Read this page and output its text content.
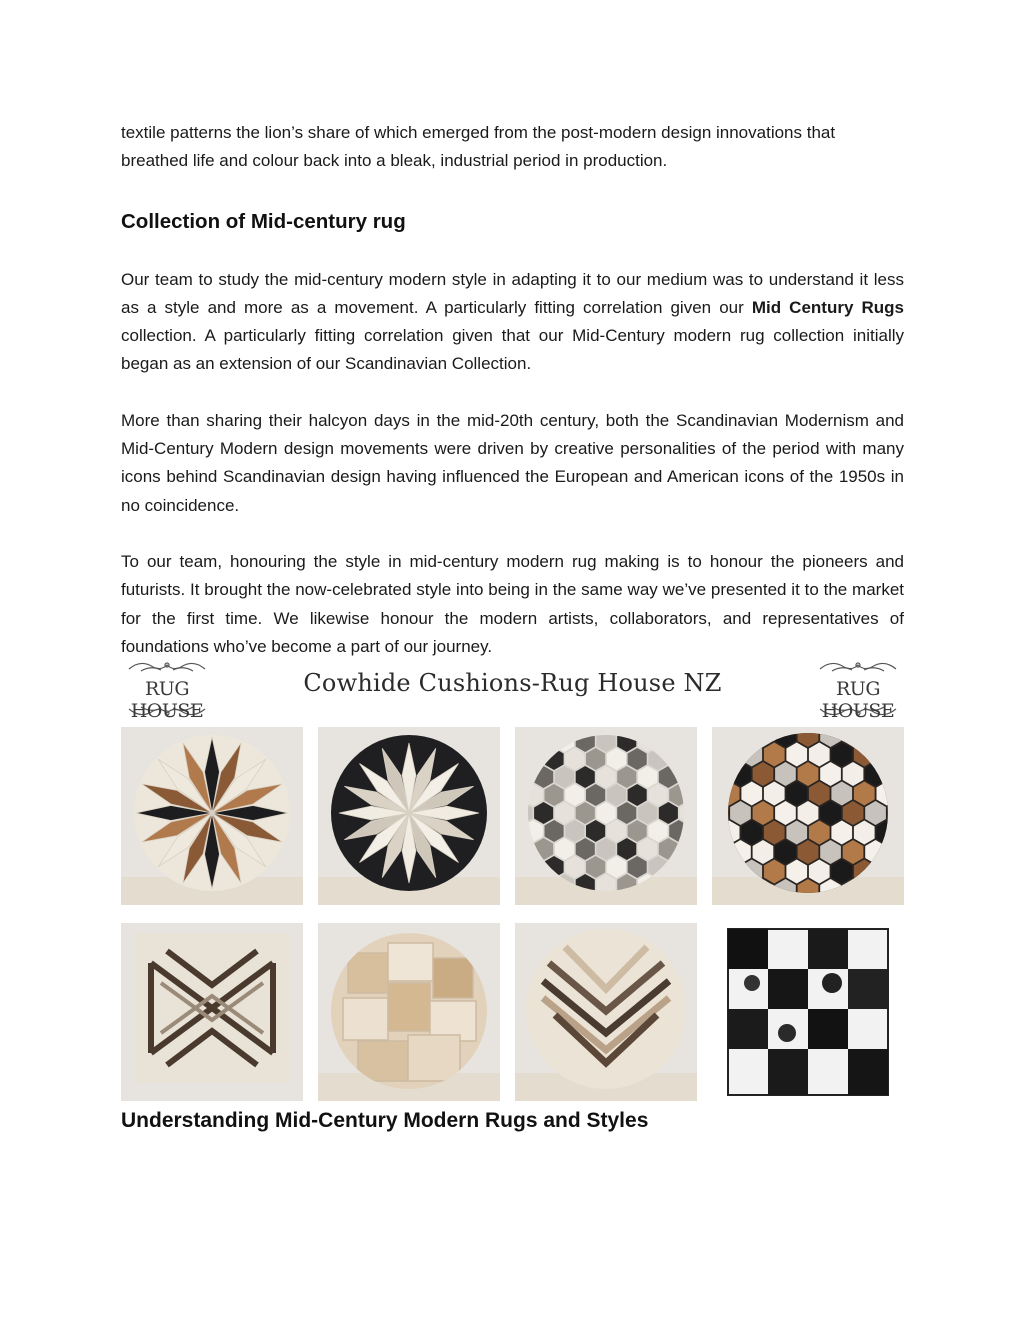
textile patterns the lion’s share of which emerged from the post-modern design innovations that breathed life and colour back into a bleak, industrial period in production.

Collection of Mid-century rug

Our team to study the mid-century modern style in adapting it to our medium was to understand it less as a style and more as a movement. A particularly fitting correlation given our Mid Century Rugs collection. A particularly fitting correlation given that our Mid-Century modern rug collection initially began as an extension of our Scandinavian Collection.

More than sharing their halcyon days in the mid-20th century, both the Scandinavian Modernism and Mid-Century Modern design movements were driven by creative personalities of the period with many icons behind Scandinavian design having influenced the European and American icons of the 1950s in no coincidence.

To our team, honouring the style in mid-century modern rug making is to honour the pioneers and futurists. It brought the now-celebrated style into being in the same way we’ve presented it to the market for the first time. We likewise honour the modern artists, collaborators, and representatives of foundations who’ve become a part of our journey.

RUG HOUSE
Cowhide Cushions-Rug House NZ	RUG HOUSE
Understanding Mid-Century Modern Rugs and Styles
